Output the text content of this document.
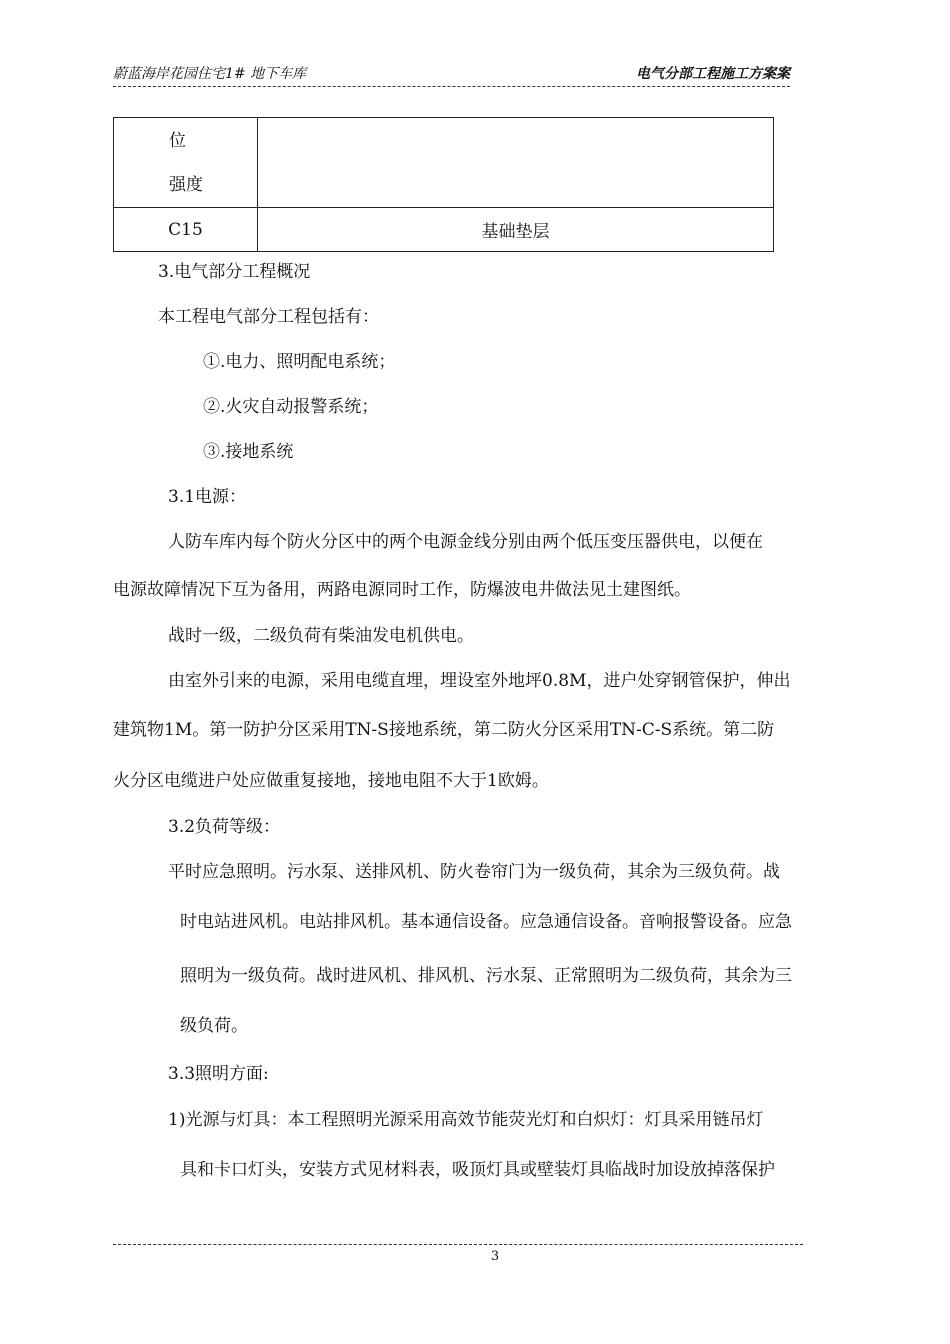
蔚蓝海岸花园住宅1# 地下车库	电气分部工程施工方案案
位
强度	

C15	基础垫层
3.电气部分工程概况
本工程电气部分工程包括有：
①.电力、照明配电系统；
②.火灾自动报警系统；
③.接地系统
3.1电源：
人防车库内每个防火分区中的两个电源金线分别由两个低压变压器供电，以便在
电源故障情况下互为备用，两路电源同时工作，防爆波电井做法见土建图纸。
战时一级，二级负荷有柴油发电机供电。
由室外引来的电源，采用电缆直埋，埋设室外地坪0.8M，进户处穿钢管保护，伸出
建筑物1M。第一防护分区采用TN-S接地系统，第二防火分区采用TN-C-S系统。第二防
火分区电缆进户处应做重复接地，接地电阻不大于1欧姆。
3.2负荷等级：
平时应急照明。污水泵、送排风机、防火卷帘门为一级负荷，其余为三级负荷。战
时电站进风机。电站排风机。基本通信设备。应急通信设备。音响报警设备。应急
照明为一级负荷。战时进风机、排风机、污水泵、正常照明为二级负荷，其余为三
级负荷。
3.3照明方面:
1)光源与灯具：本工程照明光源采用高效节能荧光灯和白炽灯：灯具采用链吊灯
具和卡口灯头，安装方式见材料表，吸顶灯具或壁装灯具临战时加设放掉落保护
3
